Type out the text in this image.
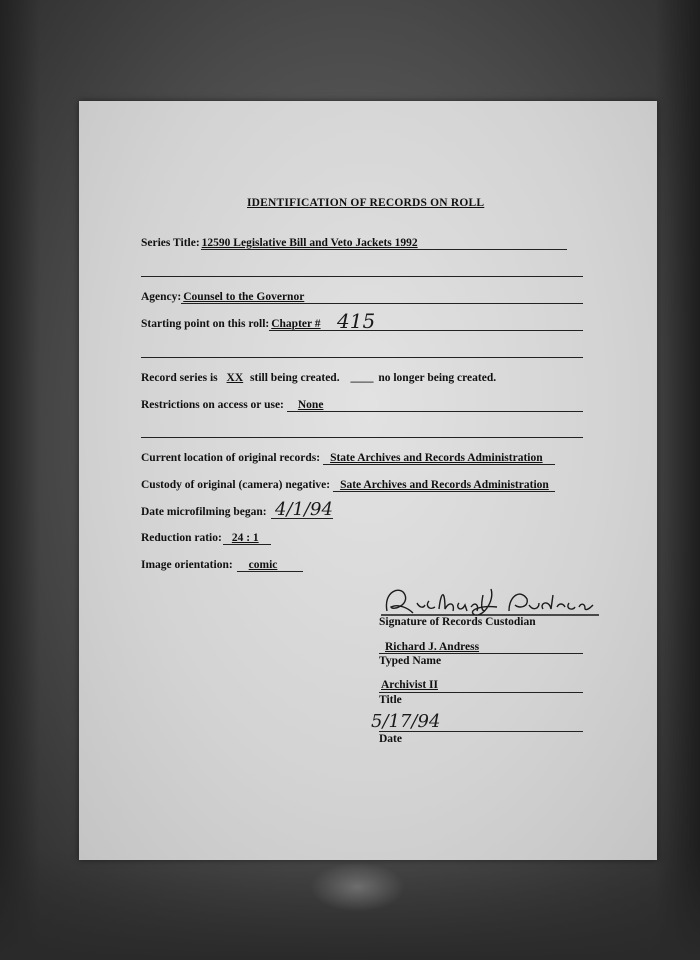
IDENTIFICATION OF RECORDS ON ROLL
Series Title: 12590 Legislative Bill and Veto Jackets 1992
Agency: Counsel to the Governor
Starting point on this roll: Chapter # 415
Record series is XX still being created. ____ no longer being created.
Restrictions on access or use: None
Current location of original records: State Archives and Records Administration
Custody of original (camera) negative: Sate Archives and Records Administration
Date microfilming began: 4/1/94
Reduction ratio: 24 : 1
Image orientation: comic
Signature of Records Custodian
Richard J. Andress
Typed Name
Archivist II
Title
5/17/94
Date
